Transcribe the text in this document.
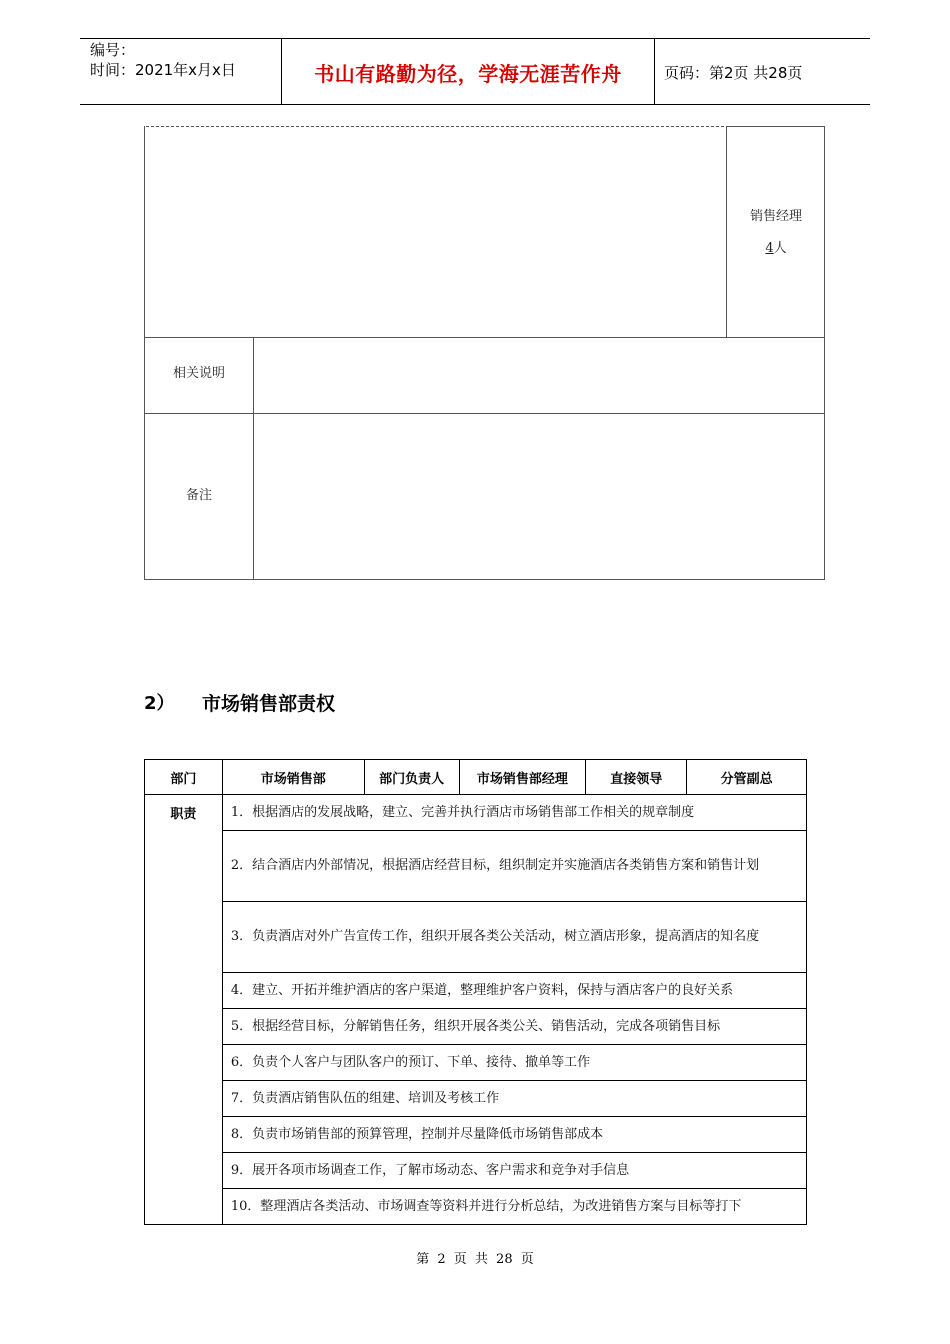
编号：
时间：2021年x月x日	书山有路勤为径，学海无涯苦作舟	页码：第2页 共28页
销售经理
4人
相关说明
备注
2） 市场销售部责权
部门	市场销售部	部门负责人	市场销售部经理	直接领导	分管副总
职责	1．根据酒店的发展战略，建立、完善并执行酒店市场销售部工作相关的规章制度				
	2．结合酒店内外部情况，根据酒店经营目标，组织制定并实施酒店各类销售方案和销售计划				
	3．负责酒店对外广告宣传工作，组织开展各类公关活动，树立酒店形象，提高酒店的知名度				
	4．建立、开拓并维护酒店的客户渠道，整理维护客户资料，保持与酒店客户的良好关系				
	5．根据经营目标，分解销售任务，组织开展各类公关、销售活动，完成各项销售目标				
	6．负责个人客户与团队客户的预订、下单、接待、撤单等工作				
	7．负责酒店销售队伍的组建、培训及考核工作				
	8．负责市场销售部的预算管理，控制并尽量降低市场销售部成本				
	9．展开各项市场调查工作，了解市场动态、客户需求和竞争对手信息				
	10．整理酒店各类活动、市场调查等资料并进行分析总结，为改进销售方案与目标等打下				
第 2 页 共 28 页
